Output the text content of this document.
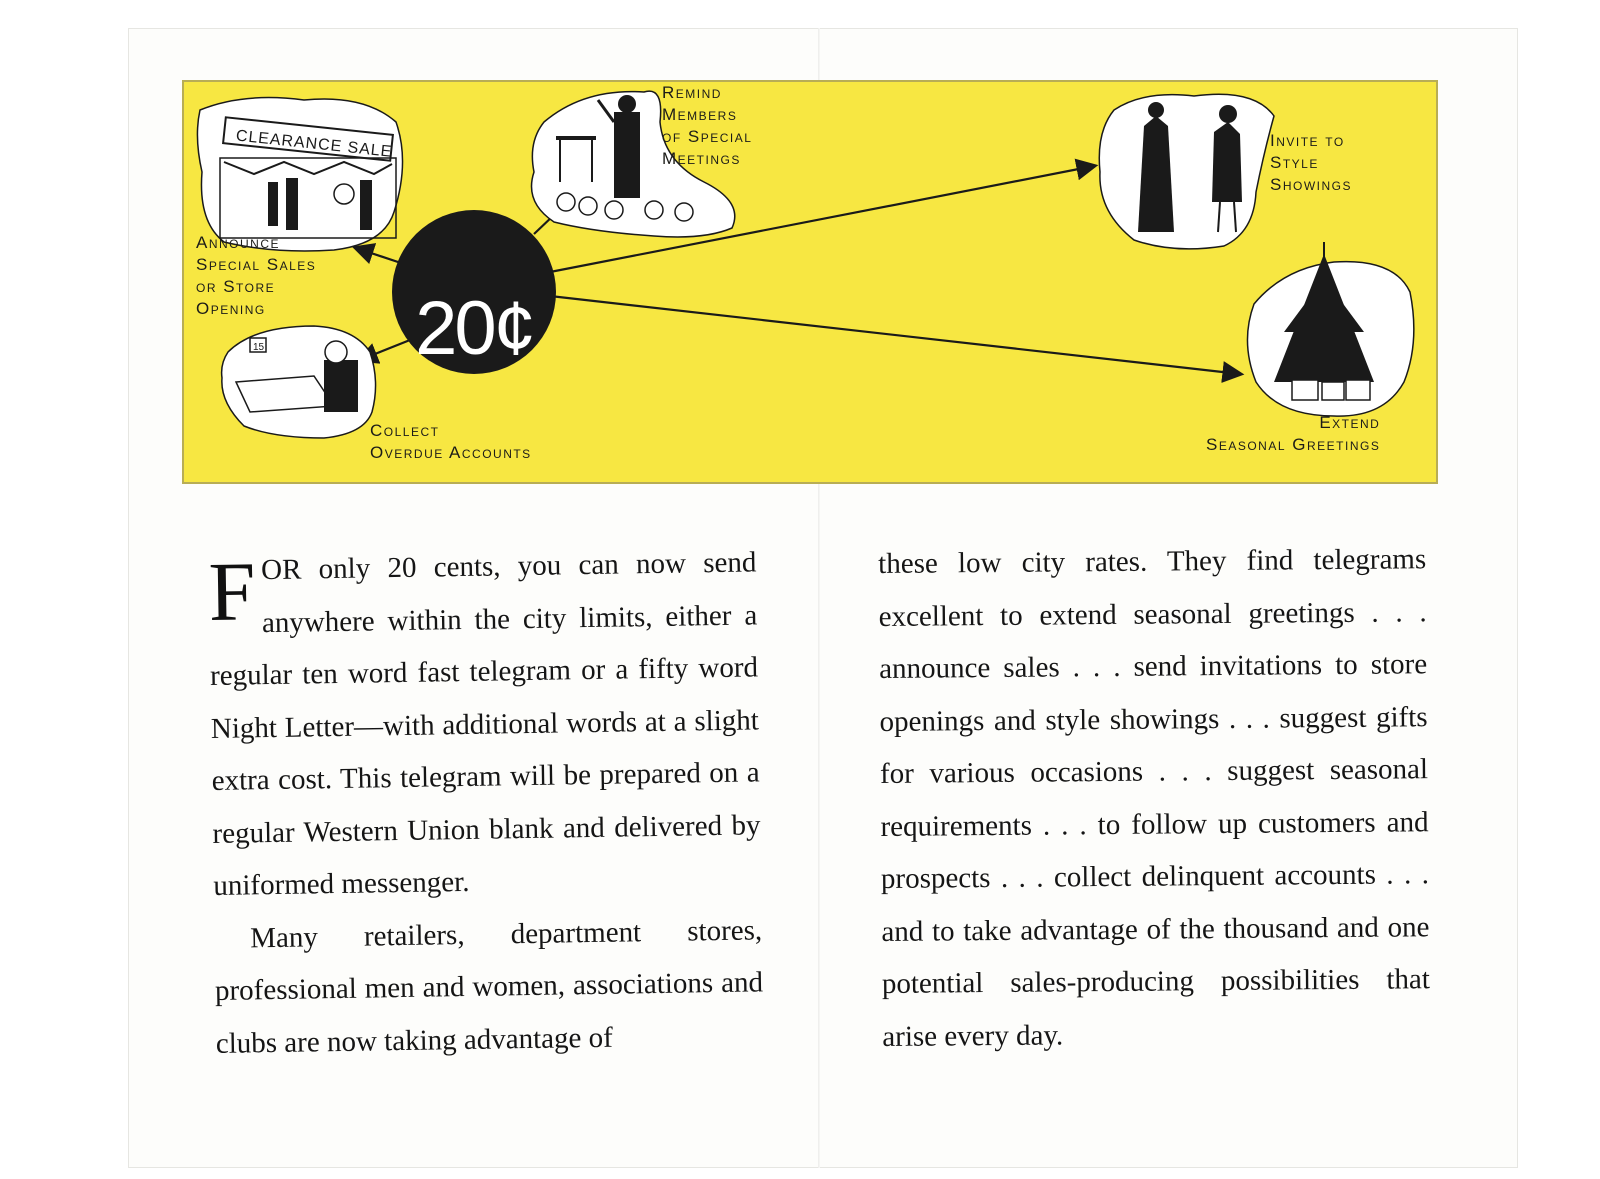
CLEARANCE SALE
15 20¢
Announce
Special Sales
or Store
Opening
Remind
Members
of Special
Meetings
Invite to
Style
Showings
Collect
Overdue Accounts
Extend
Seasonal Greetings

FOR only 20 cents, you can now send anywhere within the city limits, either a regular ten word fast telegram or a fifty word Night Letter—with additional words at a slight extra cost. This telegram will be prepared on a regular Western Union blank and delivered by uniformed messenger.

Many retailers, department stores, professional men and women, associations and clubs are now taking advantage of

these low city rates. They find telegrams excellent to extend seasonal greetings . . . announce sales . . . send invitations to store openings and style showings . . . suggest gifts for various occasions . . . suggest seasonal requirements . . . to follow up customers and prospects . . . collect delinquent accounts . . . and to take advantage of the thousand and one potential sales-producing possibilities that arise every day.
